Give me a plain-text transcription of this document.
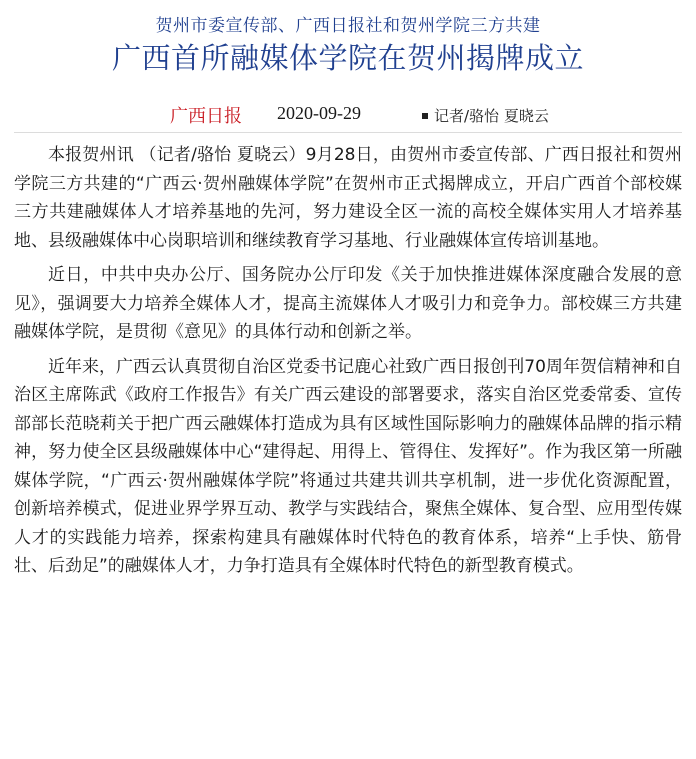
贺州市委宣传部、广西日报社和贺州学院三方共建
广西首所融媒体学院在贺州揭牌成立
广西日报 2020-09-29	记者/骆怡 夏晓云

本报贺州讯 （记者/骆怡 夏晓云）9月28日，由贺州市委宣传部、广西日报社和贺州学院三方共建的“广西云·贺州融媒体学院”在贺州市正式揭牌成立，开启广西首个部校媒三方共建融媒体人才培养基地的先河，努力建设全区一流的高校全媒体实用人才培养基地、县级融媒体中心岗职培训和继续教育学习基地、行业融媒体宣传培训基地。

近日，中共中央办公厅、国务院办公厅印发《关于加快推进媒体深度融合发展的意见》，强调要大力培养全媒体人才，提高主流媒体人才吸引力和竞争力。部校媒三方共建融媒体学院，是贯彻《意见》的具体行动和创新之举。

近年来，广西云认真贯彻自治区党委书记鹿心社致广西日报创刊70周年贺信精神和自治区主席陈武《政府工作报告》有关广西云建设的部署要求，落实自治区党委常委、宣传部部长范晓莉关于把广西云融媒体打造成为具有区域性国际影响力的融媒体品牌的指示精神，努力使全区县级融媒体中心“建得起、用得上、管得住、发挥好”。作为我区第一所融媒体学院，“广西云·贺州融媒体学院”将通过共建共训共享机制，进一步优化资源配置，创新培养模式，促进业界学界互动、教学与实践结合，聚焦全媒体、复合型、应用型传媒人才的实践能力培养，探索构建具有融媒体时代特色的教育体系，培养“上手快、筋骨壮、后劲足”的融媒体人才，力争打造具有全媒体时代特色的新型教育模式。
